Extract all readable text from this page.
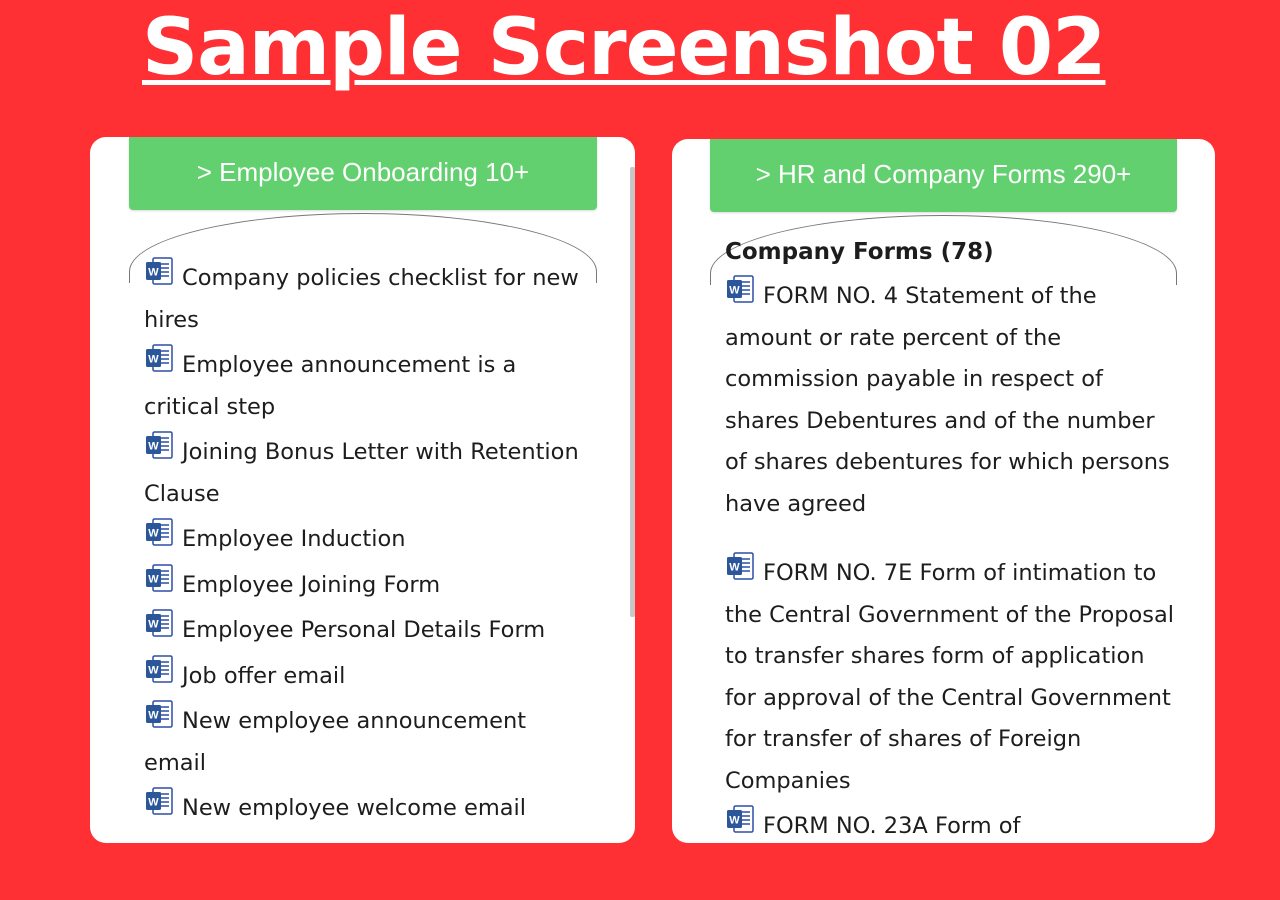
Sample Screenshot 02
> Employee Onboarding 10+
W Company policies checklist for new hires
W Employee announcement is a critical step
W Joining Bonus Letter with Retention Clause
W Employee Induction
W Employee Joining Form
W Employee Personal Details Form
W Job offer email
W New employee announcement email
W New employee welcome email
> HR and Company Forms 290+
Company Forms (78)
W FORM NO. 4 Statement of the amount or rate percent of the commission payable in respect of shares Debentures and of the number of shares debentures for which persons have agreed
W FORM NO. 7E Form of intimation to the Central Government of the Proposal to transfer shares form of application for approval of the Central Government for transfer of shares of Foreign Companies
W FORM NO. 23A Form of
